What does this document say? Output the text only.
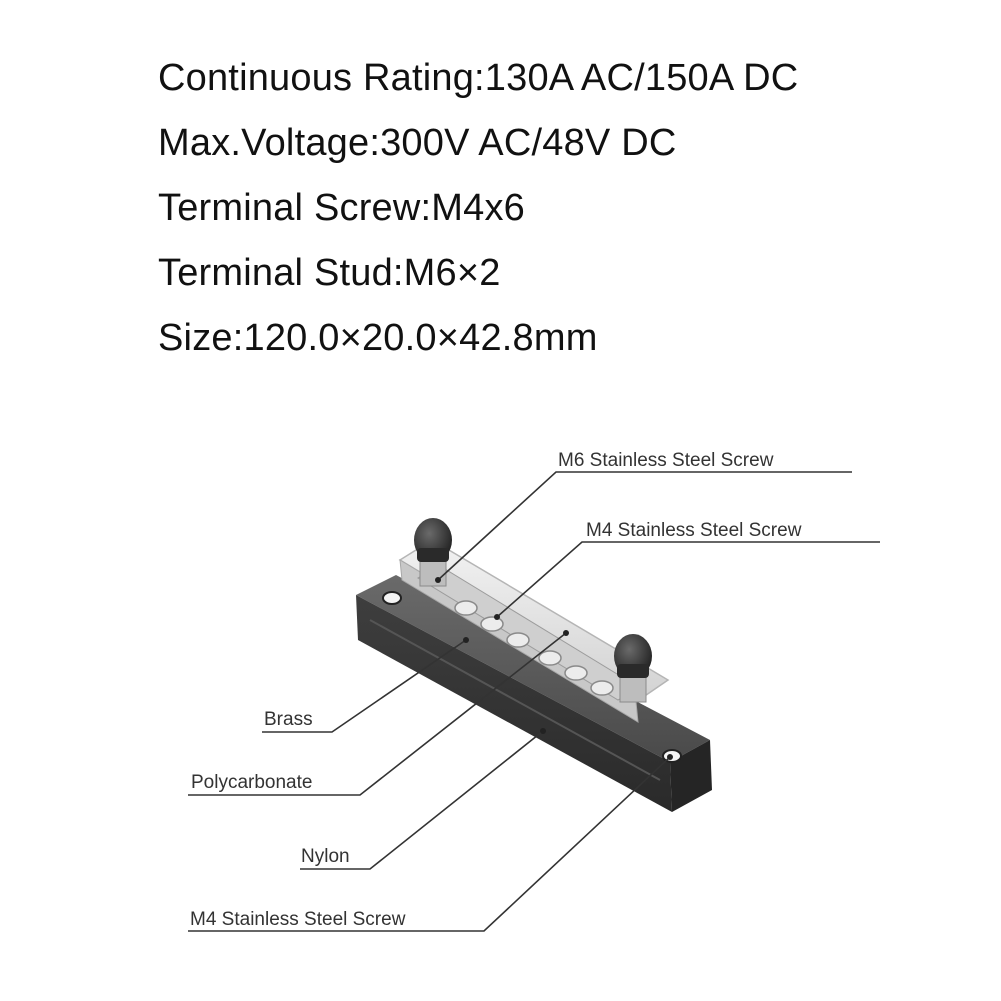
Continuous Rating:130A AC/150A DC
Max.Voltage:300V AC/48V DC
Terminal Screw:M4x6
Terminal Stud:M6×2
Size:120.0×20.0×42.8mm
M6 Stainless Steel Screw
M4 Stainless Steel Screw
Brass
Polycarbonate
Nylon
M4 Stainless Steel Screw
